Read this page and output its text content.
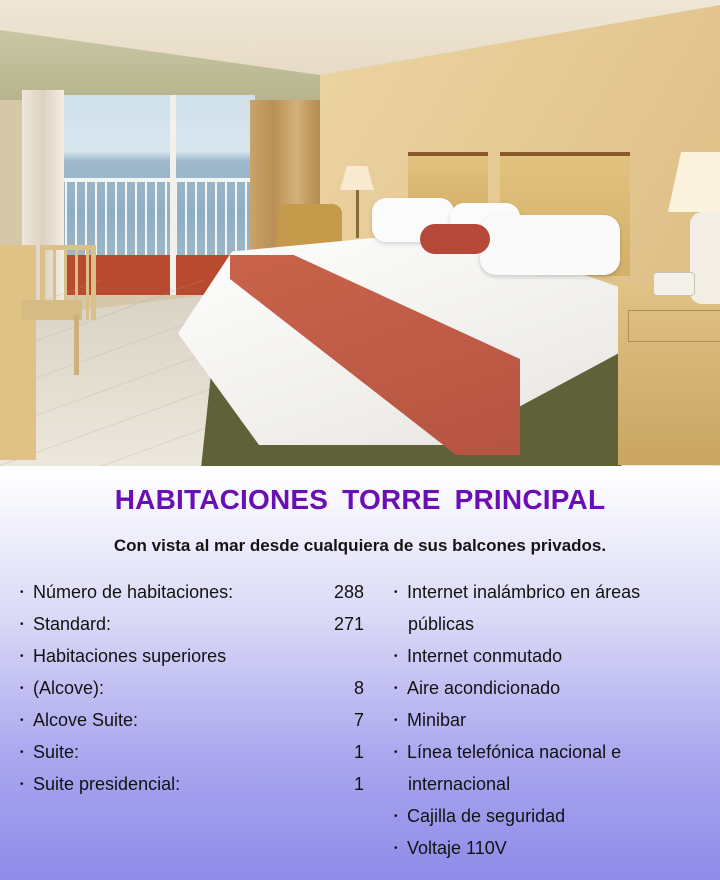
HABITACIONES TORRE PRINCIPAL
Con vista al mar desde cualquiera de sus balcones privados.
• Número de habitaciones:	288
• Standard:	271
• Habitaciones superiores
• (Alcove):	8
• Alcove Suite:	7
• Suite:	1
• Suite presidencial:	1
• Internet inalámbrico en áreas
públicas
• Internet conmutado
• Aire acondicionado
• Minibar
• Línea telefónica nacional e
internacional
• Cajilla de seguridad
• Voltaje 110V
